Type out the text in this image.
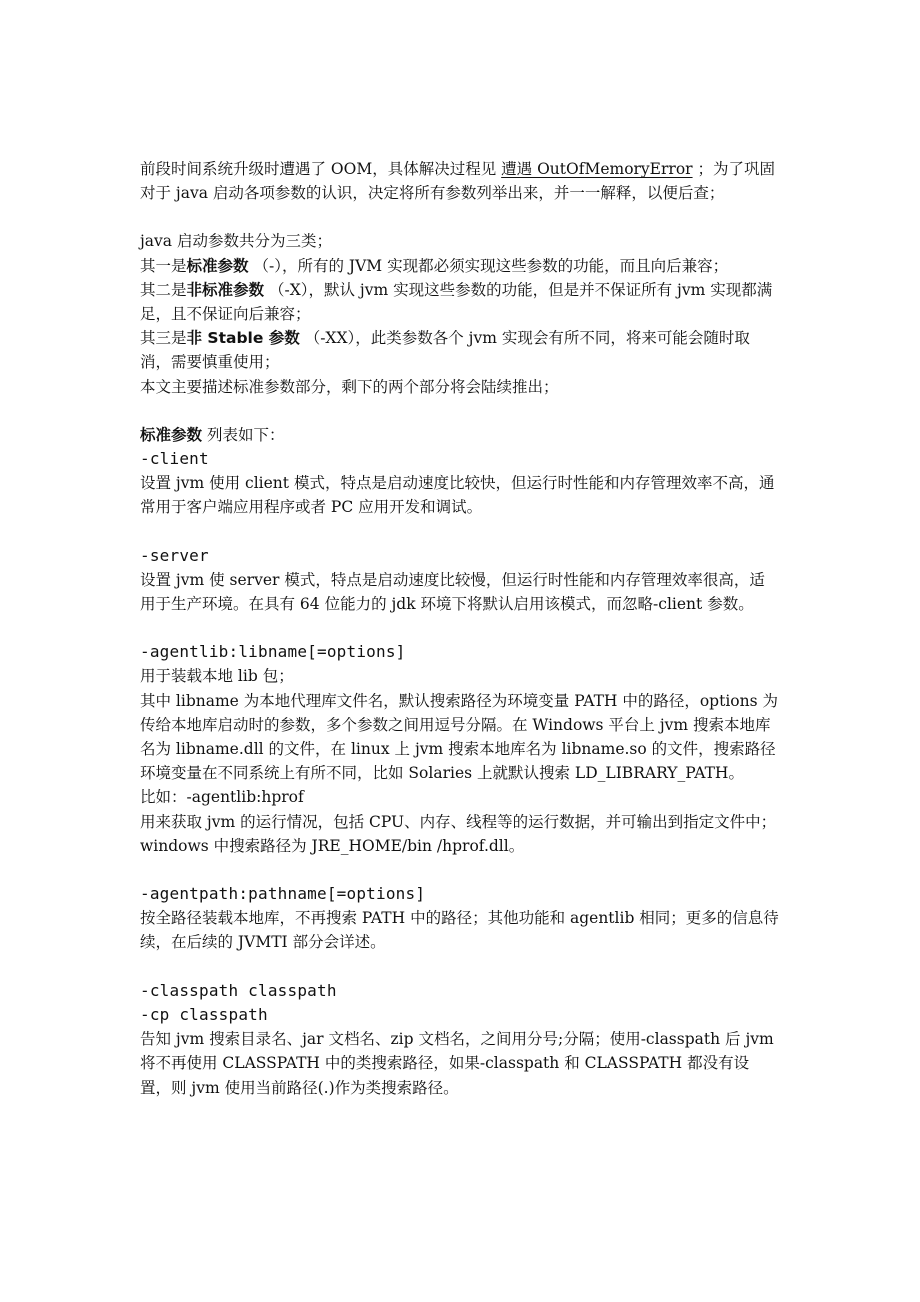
前段时间系统升级时遭遇了 OOM，具体解决过程见 遭遇 OutOfMemoryError ；为了巩固对于 java 启动各项参数的认识，决定将所有参数列举出来，并一一解释，以便后查；

java 启动参数共分为三类；

其一是标准参数 （-），所有的 JVM 实现都必须实现这些参数的功能，而且向后兼容；

其二是非标准参数 （-X），默认 jvm 实现这些参数的功能，但是并不保证所有 jvm 实现都满足，且不保证向后兼容；

其三是非 Stable 参数 （-XX），此类参数各个 jvm 实现会有所不同，将来可能会随时取消，需要慎重使用；

本文主要描述标准参数部分，剩下的两个部分将会陆续推出；

标准参数 列表如下：

-client

设置 jvm 使用 client 模式，特点是启动速度比较快，但运行时性能和内存管理效率不高，通常用于客户端应用程序或者 PC 应用开发和调试。

-server

设置 jvm 使 server 模式，特点是启动速度比较慢，但运行时性能和内存管理效率很高，适用于生产环境。在具有 64 位能力的 jdk 环境下将默认启用该模式，而忽略-client 参数。

-agentlib:libname[=options]

用于装载本地 lib 包；

其中 libname 为本地代理库文件名，默认搜索路径为环境变量 PATH 中的路径，options 为传给本地库启动时的参数，多个参数之间用逗号分隔。在 Windows 平台上 jvm 搜索本地库名为 libname.dll 的文件，在 linux 上 jvm 搜索本地库名为 libname.so 的文件，搜索路径环境变量在不同系统上有所不同，比如 Solaries 上就默认搜索 LD_LIBRARY_PATH。

比如：-agentlib:hprof

用来获取 jvm 的运行情况，包括 CPU、内存、线程等的运行数据，并可输出到指定文件中；windows 中搜索路径为 JRE_HOME/bin /hprof.dll。

-agentpath:pathname[=options]

按全路径装载本地库，不再搜索 PATH 中的路径；其他功能和 agentlib 相同；更多的信息待续，在后续的 JVMTI 部分会详述。

-classpath classpath

-cp classpath

告知 jvm 搜索目录名、jar 文档名、zip 文档名，之间用分号;分隔；使用-classpath 后 jvm 将不再使用 CLASSPATH 中的类搜索路径，如果-classpath 和 CLASSPATH 都没有设置，则 jvm 使用当前路径(.)作为类搜索路径。
